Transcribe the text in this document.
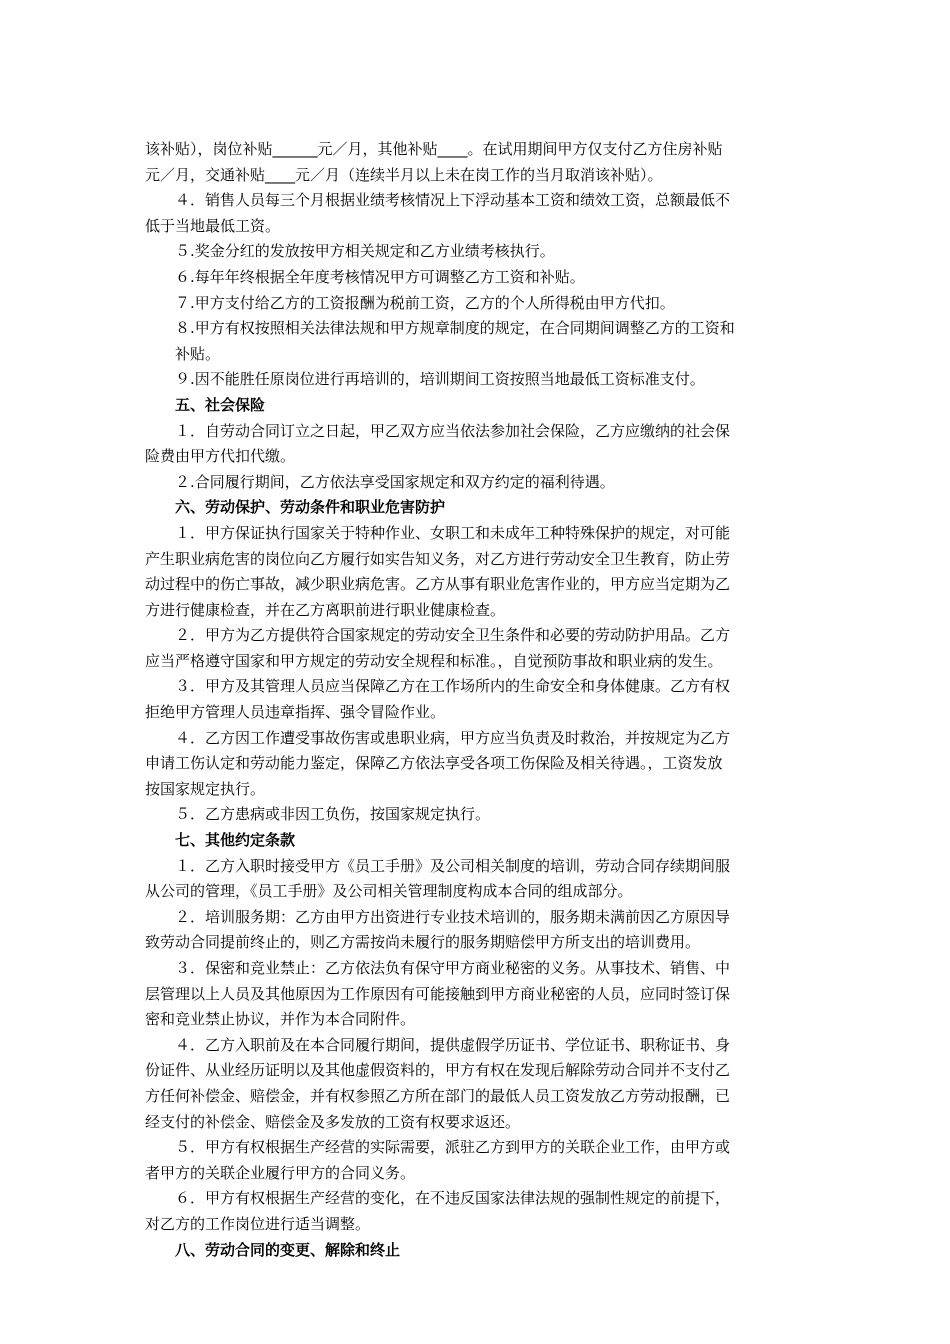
该补贴），岗位补贴______元／月，其他补贴____。在试用期间甲方仅支付乙方住房补贴
元／月，交通补贴____元／月（连续半月以上未在岗工作的当月取消该补贴）。
４．销售人员每三个月根据业绩考核情况上下浮动基本工资和绩效工资，总额最低不
低于当地最低工资。
５.奖金分红的发放按甲方相关规定和乙方业绩考核执行。
６.每年年终根据全年度考核情况甲方可调整乙方工资和补贴。
７.甲方支付给乙方的工资报酬为税前工资，乙方的个人所得税由甲方代扣。
８.甲方有权按照相关法律法规和甲方规章制度的规定，在合同期间调整乙方的工资和
补贴。
９.因不能胜任原岗位进行再培训的，培训期间工资按照当地最低工资标准支付。
五、社会保险
１．自劳动合同订立之日起，甲乙双方应当依法参加社会保险，乙方应缴纳的社会保
险费由甲方代扣代缴。
２.合同履行期间，乙方依法享受国家规定和双方约定的福利待遇。
六、劳动保护、劳动条件和职业危害防护
１．甲方保证执行国家关于特种作业、女职工和未成年工种特殊保护的规定，对可能
产生职业病危害的岗位向乙方履行如实告知义务，对乙方进行劳动安全卫生教育，防止劳
动过程中的伤亡事故，减少职业病危害。乙方从事有职业危害作业的，甲方应当定期为乙
方进行健康检查，并在乙方离职前进行职业健康检查。
２．甲方为乙方提供符合国家规定的劳动安全卫生条件和必要的劳动防护用品。乙方
应当严格遵守国家和甲方规定的劳动安全规程和标准。，自觉预防事故和职业病的发生。
３．甲方及其管理人员应当保障乙方在工作场所内的生命安全和身体健康。乙方有权
拒绝甲方管理人员违章指挥、强令冒险作业。
４．乙方因工作遭受事故伤害或患职业病，甲方应当负责及时救治，并按规定为乙方
申请工伤认定和劳动能力鉴定，保障乙方依法享受各项工伤保险及相关待遇。，工资发放
按国家规定执行。
５．乙方患病或非因工负伤，按国家规定执行。
七、其他约定条款
１．乙方入职时接受甲方《员工手册》及公司相关制度的培训，劳动合同存续期间服
从公司的管理，《员工手册》及公司相关管理制度构成本合同的组成部分。
２．培训服务期：乙方由甲方出资进行专业技术培训的，服务期未满前因乙方原因导
致劳动合同提前终止的，则乙方需按尚未履行的服务期赔偿甲方所支出的培训费用。
３．保密和竞业禁止：乙方依法负有保守甲方商业秘密的义务。从事技术、销售、中
层管理以上人员及其他原因为工作原因有可能接触到甲方商业秘密的人员，应同时签订保
密和竞业禁止协议，并作为本合同附件。
４．乙方入职前及在本合同履行期间，提供虚假学历证书、学位证书、职称证书、身
份证件、从业经历证明以及其他虚假资料的，甲方有权在发现后解除劳动合同并不支付乙
方任何补偿金、赔偿金，并有权参照乙方所在部门的最低人员工资发放乙方劳动报酬，已
经支付的补偿金、赔偿金及多发放的工资有权要求返还。
５．甲方有权根据生产经营的实际需要，派驻乙方到甲方的关联企业工作，由甲方或
者甲方的关联企业履行甲方的合同义务。
６．甲方有权根据生产经营的变化，在不违反国家法律法规的强制性规定的前提下，
对乙方的工作岗位进行适当调整。
八、劳动合同的变更、解除和终止
